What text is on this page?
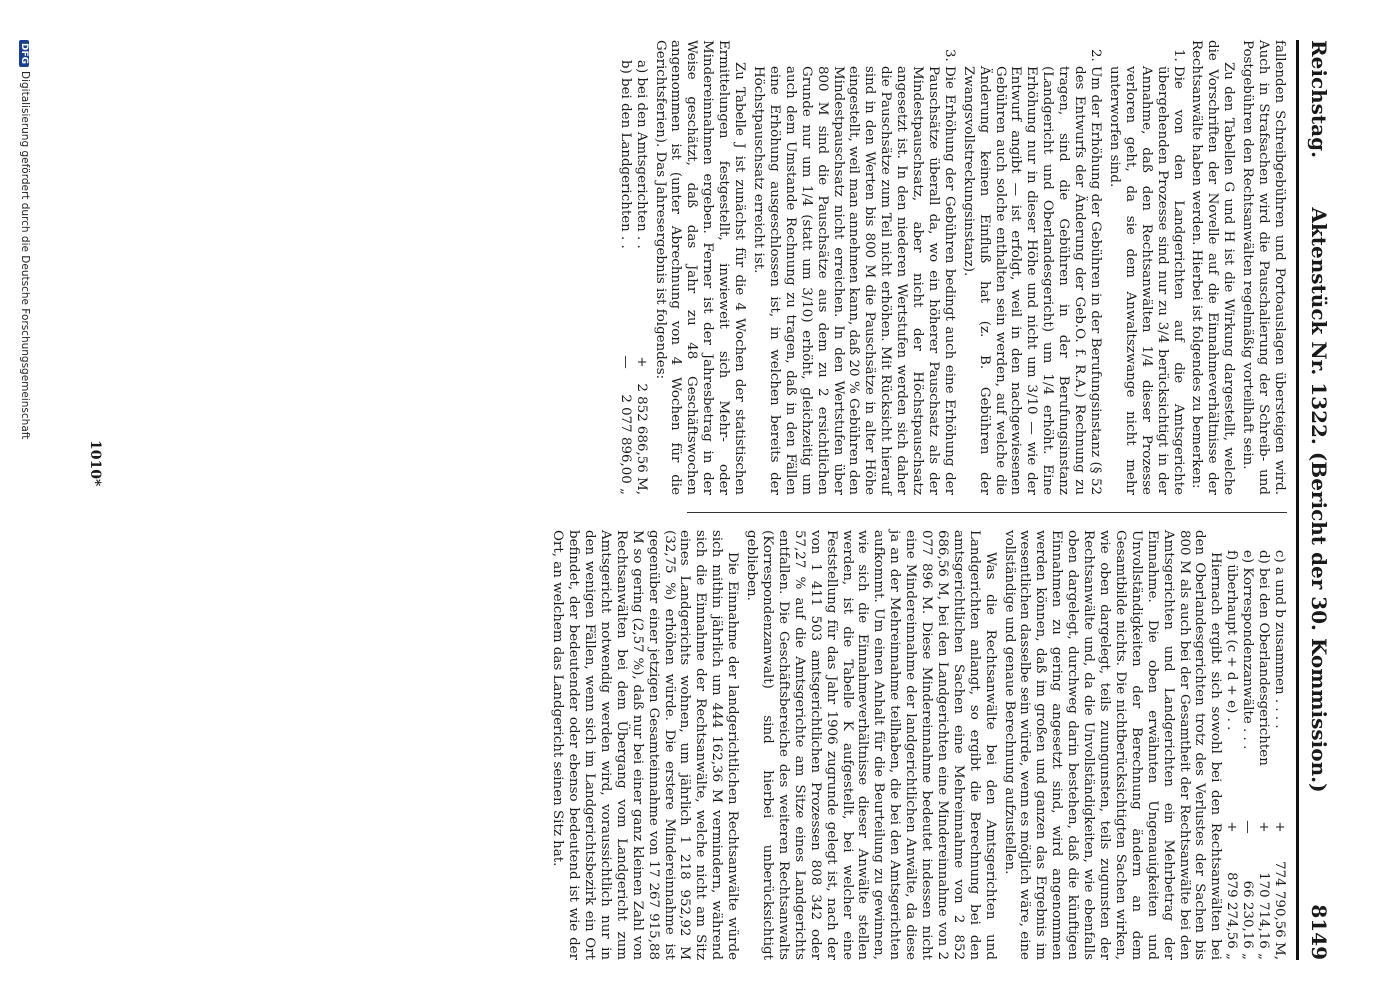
Reichstag.
Aktenstück Nr. 1322. (Bericht der 30. Kommission.)
8149

fallenden Schreibgebühren und Portoauslagen übersteigen wird. Auch in Strafsachen wird die Pauschalierung der Schreib- und Postgebühren den Rechtsanwälten regelmäßig vorteilhaft sein.

Zu den Tabellen G und H ist die Wirkung dargestellt, welche die Vorschriften der Novelle auf die Einnahmeverhältnisse der Rechtsanwälte haben werden. Hierbei ist folgendes zu bemerken:

1. Die von den Landgerichten auf die Amtsgerichte übergehenden Prozesse sind nur zu 3/4 berücksichtigt in der Annahme, daß den Rechtsanwälten 1/4 dieser Prozesse verloren geht, da sie dem Anwaltszwange nicht mehr unterworfen sind.
2. Um der Erhöhung der Gebühren in der Berufungsinstanz (§ 52 des Entwurfs der Änderung der Geb.O. f. R.A.) Rechnung zu tragen, sind die Gebühren in der Berufungsinstanz (Landgericht und Oberlandesgericht) um 1/4 erhöht. Eine Erhöhung nur in dieser Höhe und nicht um 3/10 — wie der Entwurf angibt — ist erfolgt, weil in den nachgewiesenen Gebühren auch solche enthalten sein werden, auf welche die Änderung keinen Einfluß hat (z. B. Gebühren der Zwangsvollstreckungsinstanz).
3. Die Erhöhung der Gebühren bedingt auch eine Erhöhung der Pauschsätze überall da, wo ein höherer Pauschsatz als der Mindestpauschsatz, aber nicht der Höchstpauschsatz angesetzt ist. In den niederen Wertstufen werden sich daher die Pauschsätze zum Teil nicht erhöhen. Mit Rücksicht hierauf sind in den Werten bis 800 M die Pauschsätze in alter Höhe eingestellt, weil man annehmen kann, daß 20 % Gebühren den Mindestpauschsatz nicht erreichen. In den Wertstufen über 800 M sind die Pauschsätze aus dem zu 2 ersichtlichen Grunde nur um 1/4 (statt um 3/10) erhöht, gleichzeitig um auch dem Umstande Rechnung zu tragen, daß in den Fällen eine Erhöhung ausgeschlossen ist, in welchen bereits der Höchstpauschsatz erreicht ist.

Zu Tabelle J ist zunächst für die 4 Wochen der statistischen Ermittelungen festgestellt, inwieweit sich Mehr- oder Mindereinnahmen ergeben. Ferner ist der Jahresbetrag in der Weise geschätzt, daß das Jahr zu 48 Geschäftswochen angenommen ist (unter Abrechnung von 4 Wochen für die Gerichtsferien). Das Jahresergebnis ist folgendes:

a) bei den Amtsgerichten . .
+
2 852 686,56 M,
b) bei den Landgerichten . .
—
2 077 896,00 „
c) a und b zusammen . . . .
+
774 790,56 M,
d) bei den Oberlandesgerichten
+
170 714,16 „
e) Korrespondenzanwälte . . .
—
66 230,16 „
f) überhaupt (c + d + e) . .
+
879 274,56 „

Hiernach ergibt sich sowohl bei den Rechtsanwälten bei den Oberlandesgerichten trotz des Verlustes der Sachen bis 800 M als auch bei der Gesamtheit der Rechtsanwälte bei den Amtsgerichten und Landgerichten ein Mehrbetrag der Einnahme. Die oben erwähnten Ungenauigkeiten und Unvollständigkeiten der Berechnung ändern an dem Gesamtbilde nichts. Die nichtberücksichtigten Sachen wirken, wie oben dargelegt, teils zuungunsten, teils zugunsten der Rechtsanwälte und, da die Unvollständigkeiten, wie ebenfalls oben dargelegt, durchweg darin bestehen, daß die künftigen Einnahmen zu gering angesetzt sind, wird angenommen werden können, daß im großen und ganzen das Ergebnis im wesentlichen dasselbe sein würde, wenn es möglich wäre, eine vollständige und genaue Berechnung aufzustellen.

Was die Rechtsanwälte bei den Amtsgerichten und Landgerichten anlangt, so ergibt die Berechnung bei den amtsgerichtlichen Sachen eine Mehreinnahme von 2 852 686,56 M, bei den Landgerichten eine Mindereinnahme von 2 077 896 M. Diese Mindereinnahme bedeutet indessen nicht eine Mindereinnahme der landgerichtlichen Anwälte, da diese ja an der Mehreinnahme teilhaben, die bei den Amtsgerichten aufkommt. Um einen Anhalt für die Beurteilung zu gewinnen, wie sich die Einnahmeverhältnisse dieser Anwälte stellen werden, ist die Tabelle K aufgestellt, bei welcher eine Feststellung für das Jahr 1906 zugrunde gelegt ist, nach der von 1 411 503 amtsgerichtlichen Prozessen 808 342 oder 57,27 % auf die Amtsgerichte am Sitze eines Landgerichts entfallen. Die Geschäftsbereiche des weiteren Rechtsanwalts (Korrespondenzanwalt) sind hierbei unberücksichtigt geblieben.

Die Einnahme der landgerichtlichen Rechtsanwälte würde sich mithin jährlich um 444 162,36 M vermindern, während sich die Einnahme der Rechtsanwälte, welche nicht am Sitz eines Landgerichts wohnen, um jährlich 1 218 952,92 M (32,75 %) erhöhen würde. Die erstere Mindereinnahme ist gegenüber einer jetzigen Gesamteinnahme von 17 267 915,88 M so gering (2,57 %), daß nur bei einer ganz kleinen Zahl von Rechtsanwälten bei dem Übergang vom Landgericht zum Amtsgericht notwendig werden wird, voraussichtlich nur in den wenigen Fällen, wenn sich im Landgerichtsbezirk ein Ort befindet, der bedeutender oder ebenso bedeutend ist wie der Ort, an welchem das Landgericht seinen Sitz hat.

1010*
DFGDigitalisierung gefördert durch die Deutsche Forschungsgemeinschaft
